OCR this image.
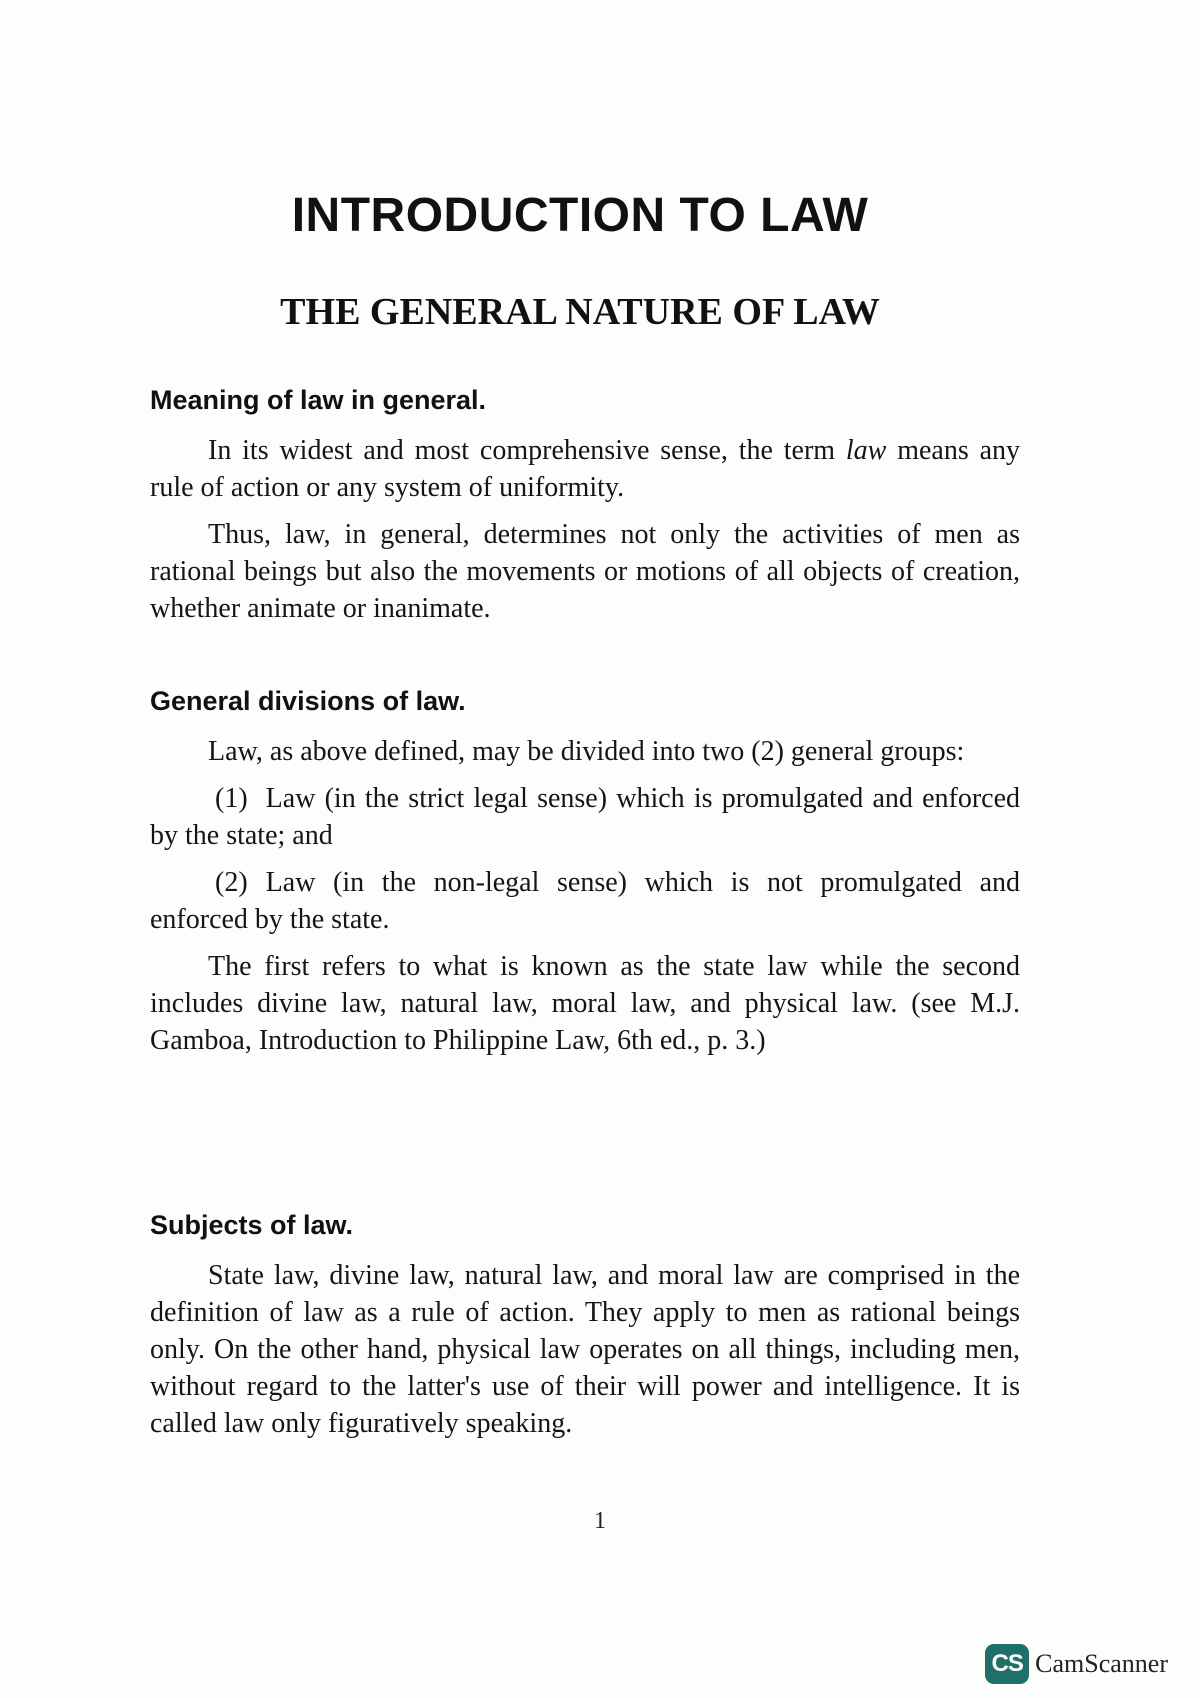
INTRODUCTION TO LAW
THE GENERAL NATURE OF LAW
Meaning of law in general.

In its widest and most comprehensive sense, the term law means any rule of action or any system of uniformity.

Thus, law, in general, determines not only the activities of men as rational beings but also the movements or motions of all objects of creation, whether animate or inanimate.

General divisions of law.

Law, as above defined, may be divided into two (2) general groups:

(1) Law (in the strict legal sense) which is promulgated and enforced by the state; and

(2) Law (in the non-legal sense) which is not promulgated and enforced by the state.

The first refers to what is known as the state law while the second includes divine law, natural law, moral law, and physical law. (see M.J. Gamboa, Introduction to Philippine Law, 6th ed., p. 3.)

Subjects of law.

State law, divine law, natural law, and moral law are comprised in the definition of law as a rule of action. They apply to men as rational beings only. On the other hand, physical law operates on all things, including men, without regard to the latter's use of their will power and intelligence. It is called law only figuratively speaking.

1
CS CamScanner
